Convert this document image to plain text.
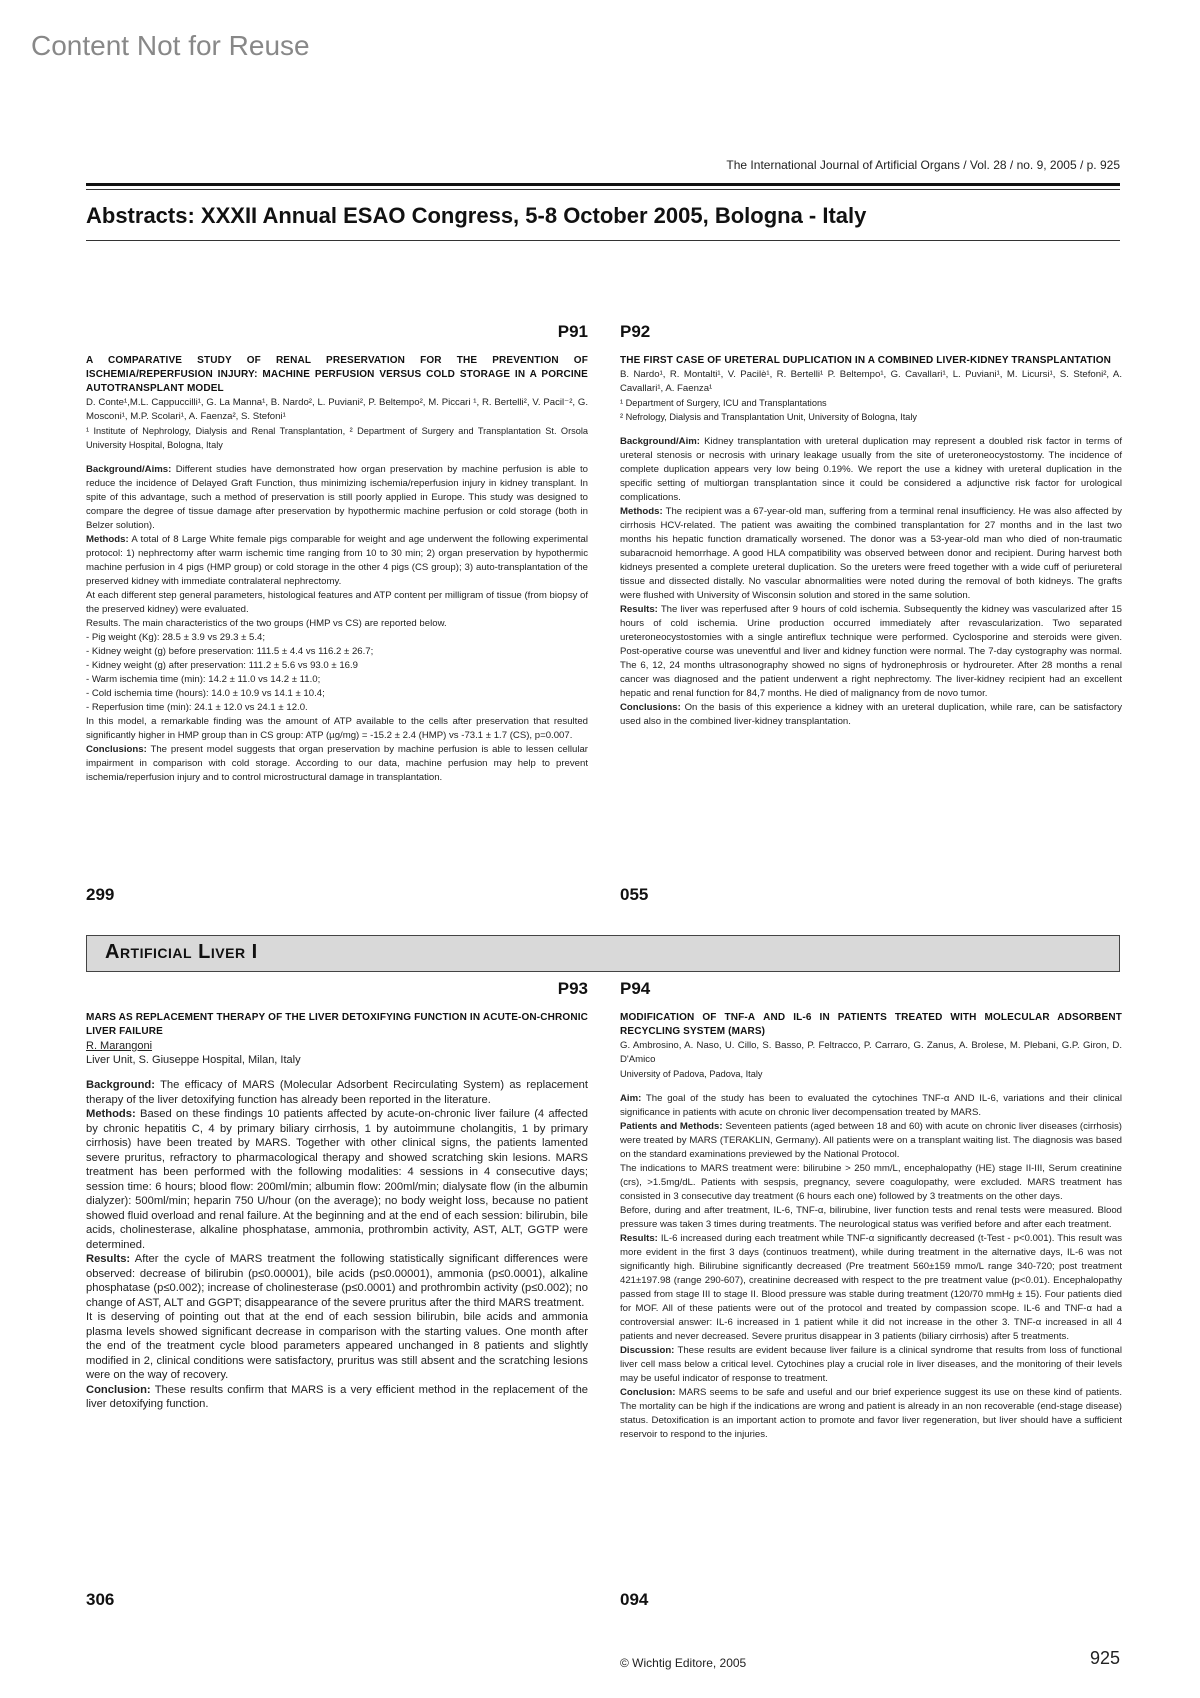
Content Not for Reuse
The International Journal of Artificial Organs / Vol. 28 / no. 9, 2005 / p. 925
Abstracts: XXXII Annual ESAO Congress, 5-8 October 2005, Bologna - Italy
P91
A COMPARATIVE STUDY OF RENAL PRESERVATION FOR THE PREVENTION OF ISCHEMIA/REPERFUSION INJURY: MACHINE PERFUSION VERSUS COLD STORAGE IN A PORCINE AUTOTRANSPLANT MODEL
D. Conte¹,M.L. Cappuccilli¹, G. La Manna¹, B. Nardo², L. Puviani², P. Beltempo², M. Piccari ¹, R. Bertelli², V. Pacil⁻², G. Mosconi¹, M.P. Scolari¹, A. Faenza², S. Stefoni¹
¹ Institute of Nephrology, Dialysis and Renal Transplantation, ² Department of Surgery and Transplantation St. Orsola University Hospital, Bologna, Italy

Background/Aims: Different studies have demonstrated how organ preservation by machine perfusion is able to reduce the incidence of Delayed Graft Function, thus minimizing ischemia/reperfusion injury in kidney transplant. In spite of this advantage, such a method of preservation is still poorly applied in Europe. This study was designed to compare the degree of tissue damage after preservation by hypothermic machine perfusion or cold storage (both in Belzer solution).

Methods: A total of 8 Large White female pigs comparable for weight and age underwent the following experimental protocol: 1) nephrectomy after warm ischemic time ranging from 10 to 30 min; 2) organ preservation by hypothermic machine perfusion in 4 pigs (HMP group) or cold storage in the other 4 pigs (CS group); 3) auto-transplantation of the preserved kidney with immediate contralateral nephrectomy.

At each different step general parameters, histological features and ATP content per milligram of tissue (from biopsy of the preserved kidney) were evaluated.

Results. The main characteristics of the two groups (HMP vs CS) are reported below.

- Pig weight (Kg): 28.5 ± 3.9 vs 29.3 ± 5.4;

- Kidney weight (g) before preservation: 111.5 ± 4.4 vs 116.2 ± 26.7;

- Kidney weight (g) after preservation: 111.2 ± 5.6 vs 93.0 ± 16.9

- Warm ischemia time (min): 14.2 ± 11.0 vs 14.2 ± 11.0;

- Cold ischemia time (hours): 14.0 ± 10.9 vs 14.1 ± 10.4;

- Reperfusion time (min): 24.1 ± 12.0 vs 24.1 ± 12.0.

In this model, a remarkable finding was the amount of ATP available to the cells after preservation that resulted significantly higher in HMP group than in CS group: ATP (µg/mg) = -15.2 ± 2.4 (HMP) vs -73.1 ± 1.7 (CS), p=0.007.

Conclusions: The present model suggests that organ preservation by machine perfusion is able to lessen cellular impairment in comparison with cold storage. According to our data, machine perfusion may help to prevent ischemia/reperfusion injury and to control microstructural damage in transplantation.

299
P92
THE FIRST CASE OF URETERAL DUPLICATION IN A COMBINED LIVER-KIDNEY TRANSPLANTATION
B. Nardo¹, R. Montalti¹, V. Pacilè¹, R. Bertelli¹ P. Beltempo¹, G. Cavallari¹, L. Puviani¹, M. Licursi¹, S. Stefoni², A. Cavallari¹, A. Faenza¹
¹ Department of Surgery, ICU and Transplantations
² Nefrology, Dialysis and Transplantation Unit, University of Bologna, Italy

Background/Aim: Kidney transplantation with ureteral duplication may represent a doubled risk factor in terms of ureteral stenosis or necrosis with urinary leakage usually from the site of ureteroneocystostomy. The incidence of complete duplication appears very low being 0.19%. We report the use a kidney with ureteral duplication in the specific setting of multiorgan transplantation since it could be considered a adjunctive risk factor for urological complications.

Methods: The recipient was a 67-year-old man, suffering from a terminal renal insufficiency. He was also affected by cirrhosis HCV-related. The patient was awaiting the combined transplantation for 27 months and in the last two months his hepatic function dramatically worsened. The donor was a 53-year-old man who died of non-traumatic subaracnoid hemorrhage. A good HLA compatibility was observed between donor and recipient. During harvest both kidneys presented a complete ureteral duplication. So the ureters were freed together with a wide cuff of periureteral tissue and dissected distally. No vascular abnormalities were noted during the removal of both kidneys. The grafts were flushed with University of Wisconsin solution and stored in the same solution.

Results: The liver was reperfused after 9 hours of cold ischemia. Subsequently the kidney was vascularized after 15 hours of cold ischemia. Urine production occurred immediately after revascularization. Two separated ureteroneocystostomies with a single antireflux technique were performed. Cyclosporine and steroids were given. Post-operative course was uneventful and liver and kidney function were normal. The 7-day cystography was normal. The 6, 12, 24 months ultrasonography showed no signs of hydronephrosis or hydroureter. After 28 months a renal cancer was diagnosed and the patient underwent a right nephrectomy. The liver-kidney recipient had an excellent hepatic and renal function for 84,7 months. He died of malignancy from de novo tumor.

Conclusions: On the basis of this experience a kidney with an ureteral duplication, while rare, can be satisfactory used also in the combined liver-kidney transplantation.

055
Artificial Liver I
P93
MARS AS REPLACEMENT THERAPY OF THE LIVER DETOXIFYING FUNCTION IN ACUTE-ON-CHRONIC LIVER FAILURE
R. Marangoni
Liver Unit, S. Giuseppe Hospital, Milan, Italy

Background: The efficacy of MARS (Molecular Adsorbent Recirculating System) as replacement therapy of the liver detoxifying function has already been reported in the literature.

Methods: Based on these findings 10 patients affected by acute-on-chronic liver failure (4 affected by chronic hepatitis C, 4 by primary biliary cirrhosis, 1 by autoimmune cholangitis, 1 by primary cirrhosis) have been treated by MARS. Together with other clinical signs, the patients lamented severe pruritus, refractory to pharmacological therapy and showed scratching skin lesions. MARS treatment has been performed with the following modalities: 4 sessions in 4 consecutive days; session time: 6 hours; blood flow: 200ml/min; albumin flow: 200ml/min; dialysate flow (in the albumin dialyzer): 500ml/min; heparin 750 U/hour (on the average); no body weight loss, because no patient showed fluid overload and renal failure. At the beginning and at the end of each session: bilirubin, bile acids, cholinesterase, alkaline phosphatase, ammonia, prothrombin activity, AST, ALT, GGTP were determined.

Results: After the cycle of MARS treatment the following statistically significant differences were observed: decrease of bilirubin (p≤0.00001), bile acids (p≤0.00001), ammonia (p≤0.0001), alkaline phosphatase (p≤0.002); increase of cholinesterase (p≤0.0001) and prothrombin activity (p≤0.002); no change of AST, ALT and GGPT; disappearance of the severe pruritus after the third MARS treatment.

It is deserving of pointing out that at the end of each session bilirubin, bile acids and ammonia plasma levels showed significant decrease in comparison with the starting values. One month after the end of the treatment cycle blood parameters appeared unchanged in 8 patients and slightly modified in 2, clinical conditions were satisfactory, pruritus was still absent and the scratching lesions were on the way of recovery.

Conclusion: These results confirm that MARS is a very efficient method in the replacement of the liver detoxifying function.

306
P94
MODIFICATION OF TNF-Α AND IL-6 IN PATIENTS TREATED WITH MOLECULAR ADSORBENT RECYCLING SYSTEM (MARS)
G. Ambrosino, A. Naso, U. Cillo, S. Basso, P. Feltracco, P. Carraro, G. Zanus, A. Brolese, M. Plebani, G.P. Giron, D. D'Amico
University of Padova, Padova, Italy

Aim: The goal of the study has been to evaluated the cytochines TNF-α AND IL-6, variations and their clinical significance in patients with acute on chronic liver decompensation treated by MARS.

Patients and Methods: Seventeen patients (aged between 18 and 60) with acute on chronic liver diseases (cirrhosis) were treated by MARS (TERAKLIN, Germany). All patients were on a transplant waiting list. The diagnosis was based on the standard examinations previewed by the National Protocol.

The indications to MARS treatment were: bilirubine > 250 mm/L, encephalopathy (HE) stage II-III, Serum creatinine (crs), >1.5mg/dL. Patients with sespsis, pregnancy, severe coagulopathy, were excluded. MARS treatment has consisted in 3 consecutive day treatment (6 hours each one) followed by 3 treatments on the other days.

Before, during and after treatment, IL-6, TNF-α, bilirubine, liver function tests and renal tests were measured. Blood pressure was taken 3 times during treatments. The neurological status was verified before and after each treatment.

Results: IL-6 increased during each treatment while TNF-α significantly decreased (t-Test - p<0.001). This result was more evident in the first 3 days (continuos treatment), while during treatment in the alternative days, IL-6 was not significantly high. Bilirubine significantly decreased (Pre treatment 560±159 mmo/L range 340-720; post treatment 421±197.98 (range 290-607), creatinine decreased with respect to the pre treatment value (p<0.01). Encephalopathy passed from stage III to stage II. Blood pressure was stable during treatment (120/70 mmHg ± 15). Four patients died for MOF. All of these patients were out of the protocol and treated by compassion scope. IL-6 and TNF-α had a controversial answer: IL-6 increased in 1 patient while it did not increase in the other 3. TNF-α increased in all 4 patients and never decreased. Severe pruritus disappear in 3 patients (biliary cirrhosis) after 5 treatments.

Discussion: These results are evident because liver failure is a clinical syndrome that results from loss of functional liver cell mass below a critical level. Cytochines play a crucial role in liver diseases, and the monitoring of their levels may be useful indicator of response to treatment.

Conclusion: MARS seems to be safe and useful and our brief experience suggest its use on these kind of patients. The mortality can be high if the indications are wrong and patient is already in an non recoverable (end-stage disease) status. Detoxification is an important action to promote and favor liver regeneration, but liver should have a sufficient reservoir to respond to the injuries.

094
© Wichtig Editore, 2005	925
